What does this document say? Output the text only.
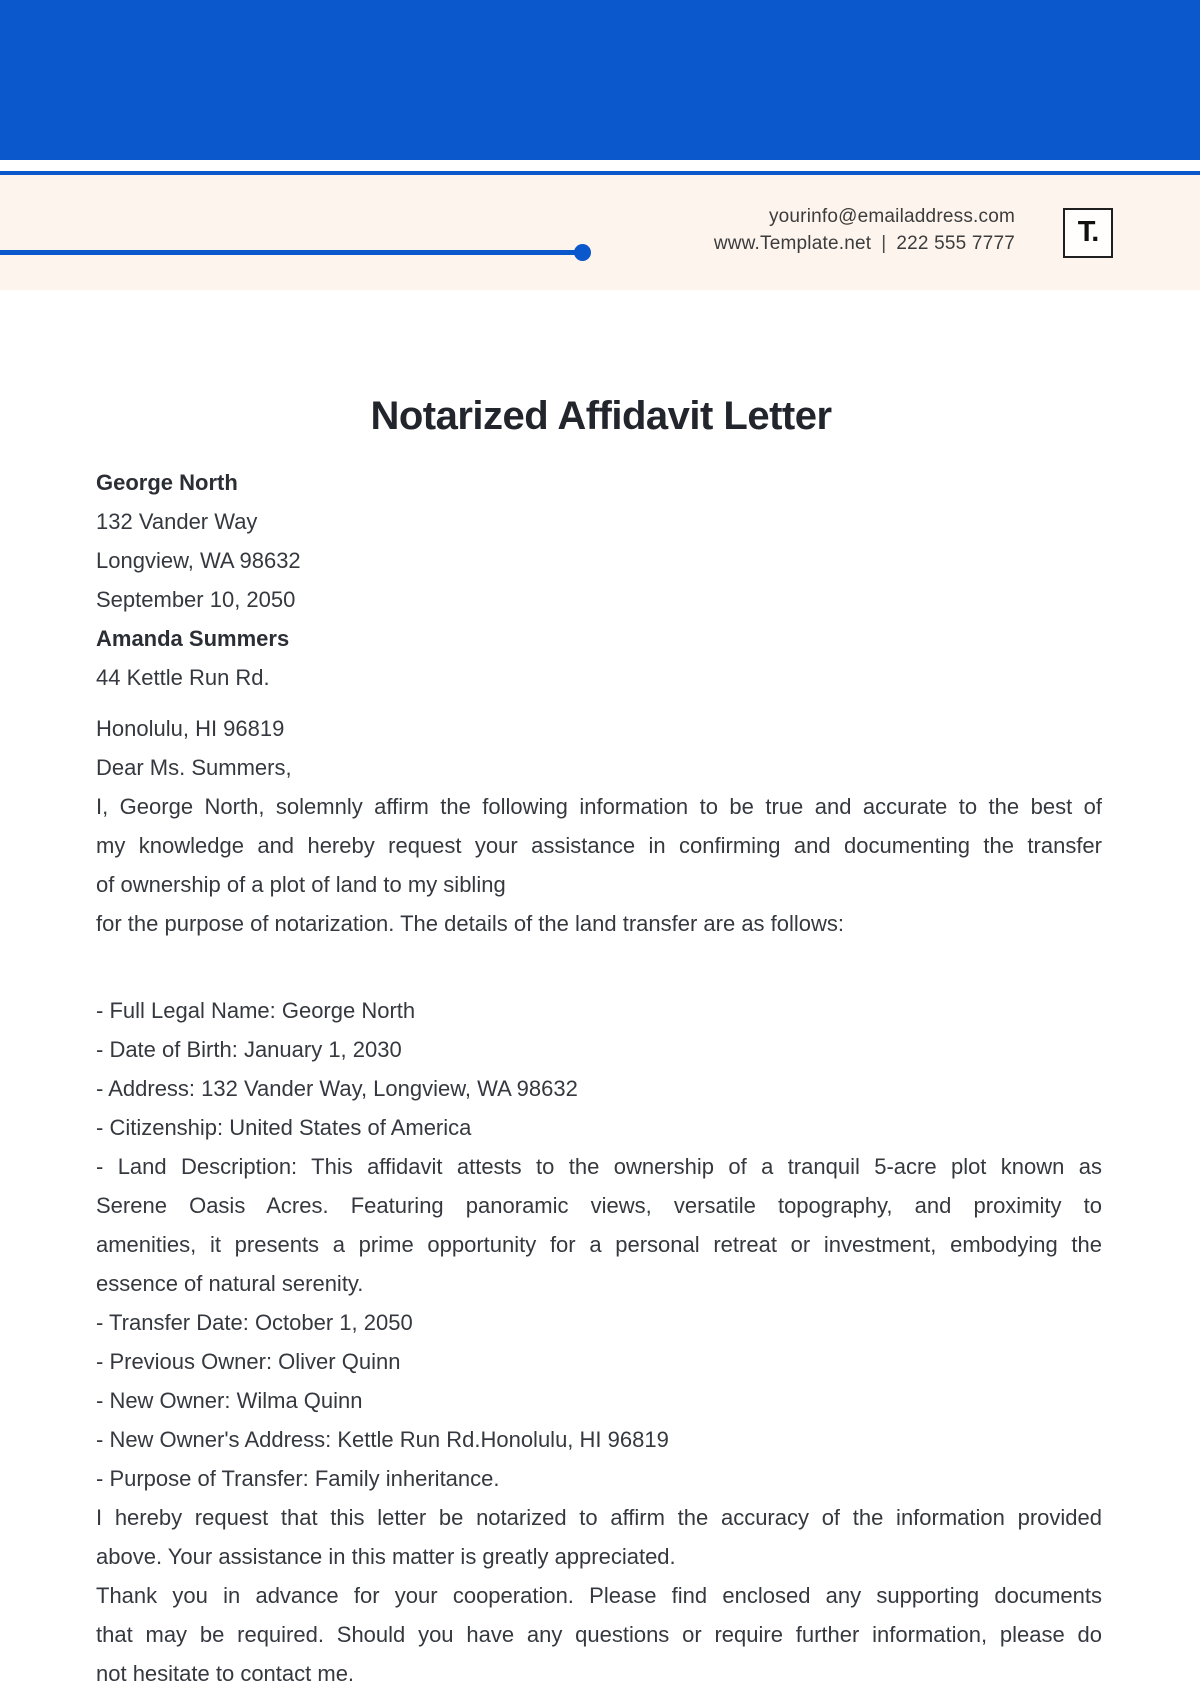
yourinfo@emailaddress.com
www.Template.net | 222 555 7777 T.
Notarized Affidavit Letter
George North
132 Vander Way
Longview, WA 98632
September 10, 2050
Amanda Summers
44 Kettle Run Rd.
Honolulu, HI 96819
Dear Ms. Summers,
I, George North, solemnly affirm the following information to be true and accurate to the best of
my knowledge and hereby request your assistance in confirming and documenting the transfer
of ownership of a plot of land to my sibling
for the purpose of notarization. The details of the land transfer are as follows:
- Full Legal Name: George North
- Date of Birth: January 1, 2030
- Address: 132 Vander Way, Longview, WA 98632
- Citizenship: United States of America
- Land Description: This affidavit attests to the ownership of a tranquil 5-acre plot known as
Serene Oasis Acres. Featuring panoramic views, versatile topography, and proximity to
amenities, it presents a prime opportunity for a personal retreat or investment, embodying the
essence of natural serenity.
- Transfer Date: October 1, 2050
- Previous Owner: Oliver Quinn
- New Owner: Wilma Quinn
- New Owner's Address: Kettle Run Rd.Honolulu, HI 96819
- Purpose of Transfer: Family inheritance.
I hereby request that this letter be notarized to affirm the accuracy of the information provided
above. Your assistance in this matter is greatly appreciated.
Thank you in advance for your cooperation. Please find enclosed any supporting documents
that may be required. Should you have any questions or require further information, please do
not hesitate to contact me.
